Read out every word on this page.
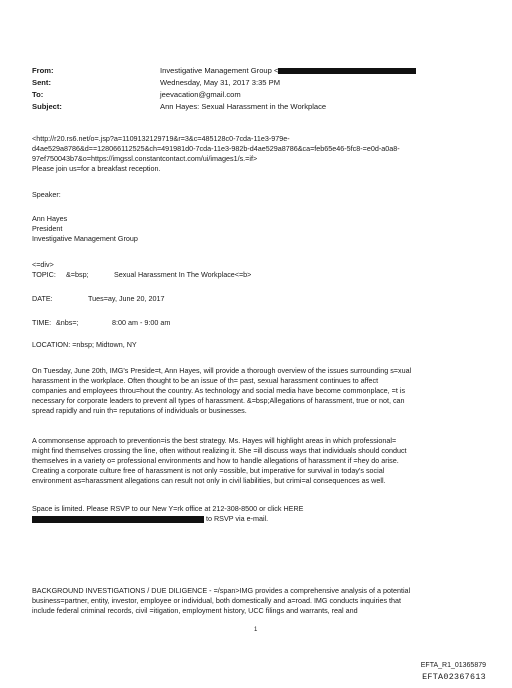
From:	Investigative Management Group <
Sent:	Wednesday, May 31, 2017 3:35 PM
To:	jeevacation@gmail.com
Subject:	Ann Hayes: Sexual Harassment in the Workplace
<http://r20.rs6.net/o=.jsp?a=1109132129719&r=3&c=485128c0-7cda-11e3-979e-
d4ae529a8786&d==128066112525&ch=491981d0-7cda-11e3-982b-d4ae529a8786&ca=feb65e46-5fc8-=e0d-a0a8-
97ef750043b7&o=https://imgssl.constantcontact.com/ui/images1/s.=if>
Please join us=for a breakfast reception.
Speaker:
Ann Hayes
President
Investigative Management Group
<=div>
TOPIC: &=bsp;	Sexual Harassment In The Workplace<=b>
DATE:	Tues=ay, June 20, 2017
TIME: &nbs=;	8:00 am - 9:00 am
LOCATION: =nbsp; Midtown, NY
On Tuesday, June 20th, IMG's Preside=t, Ann Hayes, will provide a thorough overview of the issues surrounding s=xual
harassment in the workplace. Often thought to be an issue of th= past, sexual harassment continues to affect
companies and employees throu=hout the country. As technology and social media have become commonplace, =t is
necessary for corporate leaders to prevent all types of harassment. &=bsp;Allegations of harassment, true or not, can
spread rapidly and ruin th= reputations of individuals or businesses.
A commonsense approach to prevention=is the best strategy. Ms. Hayes will highlight areas in which professional=
might find themselves crossing the line, often without realizing it. She =ill discuss ways that individuals should conduct
themselves in a variety o= professional environments and how to handle allegations of harassment if =hey do arise.
Creating a corporate culture free of harassment is not only =ossible, but imperative for survival in today's social
environment as=harassment allegations can result not only in civil liabilities, but crimi=al consequences as well.
Space is limited. Please RSVP to our New Y=rk office at 212-308-8500 or click HERE
to RSVP via e-mail.
BACKGROUND INVESTIGATIONS / DUE DILIGENCE - =/span>IMG provides a comprehensive analysis of a potential
business=partner, entity, investor, employee or individual, both domestically and a=road. IMG conducts inquiries that
include federal criminal records, civil =itigation, employment history, UCC filings and warrants, real and
1
EFTA_R1_01365879
EFTA02367613
